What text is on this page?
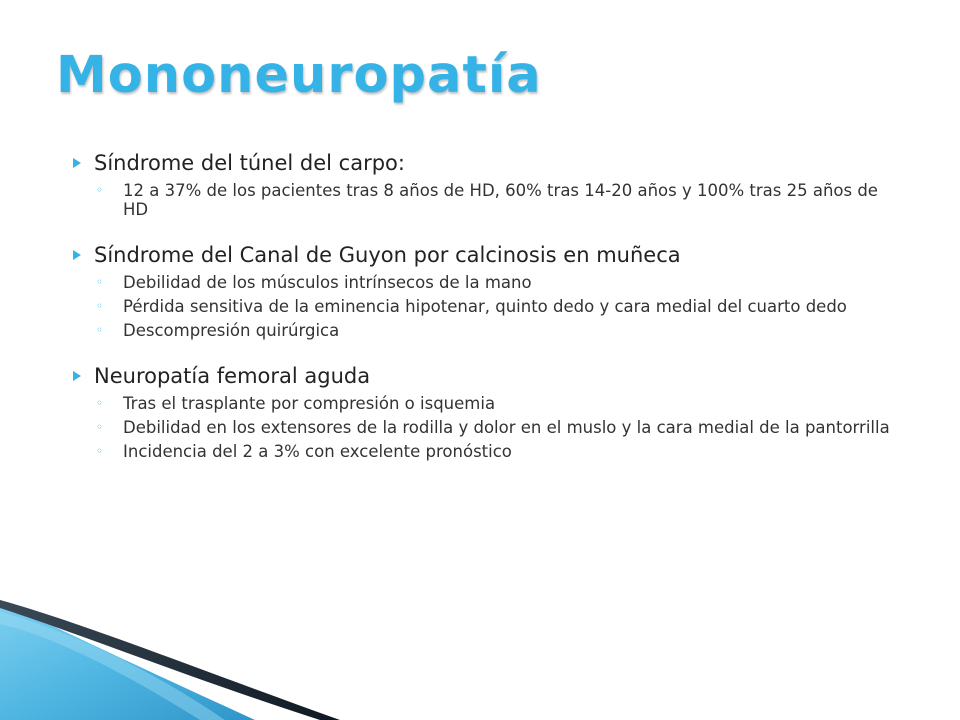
Mononeuropatía
Síndrome del túnel del carpo:
◦	12 a 37% de los pacientes tras 8 años de HD, 60% tras 14-20 años y 100% tras 25 años de HD
Síndrome del Canal de Guyon por calcinosis en muñeca
◦	Debilidad de los músculos intrínsecos de la mano
◦	Pérdida sensitiva de la eminencia hipotenar, quinto dedo y cara medial del cuarto dedo
◦	Descompresión quirúrgica
Neuropatía femoral aguda
◦	Tras el trasplante por compresión o isquemia
◦	Debilidad en los extensores de la rodilla y dolor en el muslo y la cara medial de la pantorrilla
◦	Incidencia del 2 a 3% con excelente pronóstico
